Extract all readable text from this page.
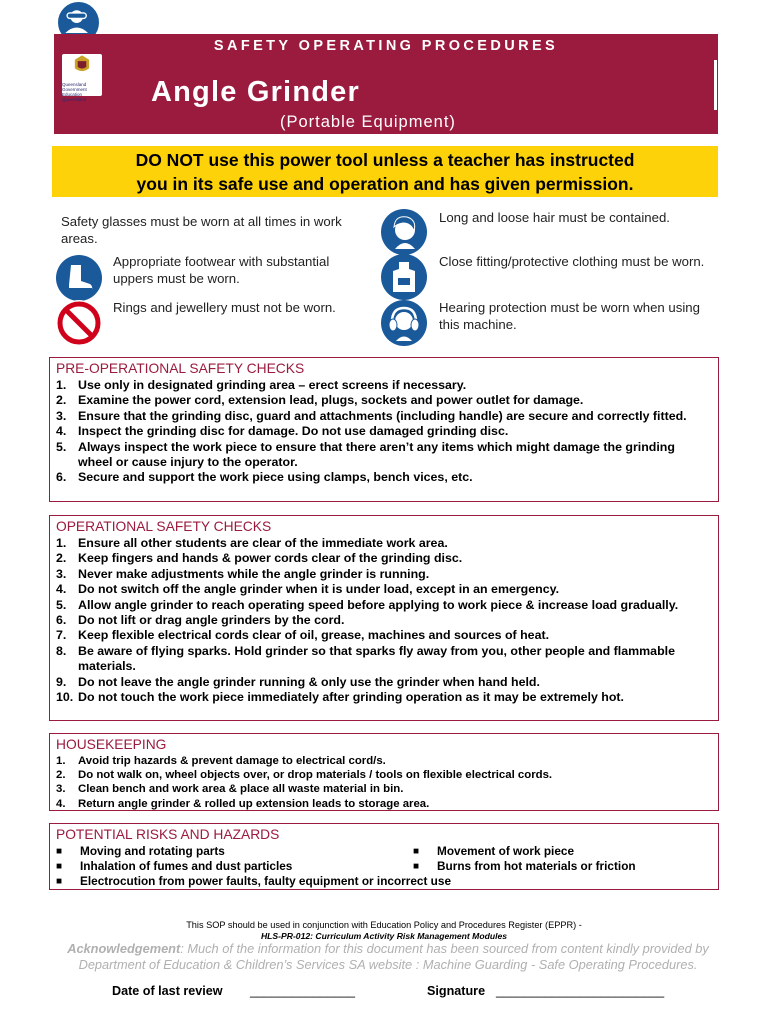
SAFETY OPERATING PROCEDURES
Queensland Government Education Queensland	Angle Grinder
(Portable Equipment)
DO NOT use this power tool unless a teacher has instructed
you in its safe use and operation and has given permission.
Safety glasses must be worn at all times in work areas.
Appropriate footwear with substantial uppers must be worn.
Rings and jewellery must not be worn.
Long and loose hair must be contained.
Close fitting/protective clothing must be worn.
Hearing protection must be worn when using this machine.
PRE-OPERATIONAL SAFETY CHECKS
1. Use only in designated grinding area – erect screens if necessary.
2. Examine the power cord, extension lead, plugs, sockets and power outlet for damage.
3. Ensure that the grinding disc, guard and attachments (including handle) are secure and correctly fitted.
4. Inspect the grinding disc for damage. Do not use damaged grinding disc.
5. Always inspect the work piece to ensure that there aren’t any items which might damage the grinding wheel or cause injury to the operator.
6. Secure and support the work piece using clamps, bench vices, etc.
OPERATIONAL SAFETY CHECKS
1. Ensure all other students are clear of the immediate work area.
2. Keep fingers and hands & power cords clear of the grinding disc.
3. Never make adjustments while the angle grinder is running.
4. Do not switch off the angle grinder when it is under load, except in an emergency.
5. Allow angle grinder to reach operating speed before applying to work piece & increase load gradually.
6. Do not lift or drag angle grinders by the cord.
7. Keep flexible electrical cords clear of oil, grease, machines and sources of heat.
8. Be aware of flying sparks. Hold grinder so that sparks fly away from you, other people and flammable materials.
9. Do not leave the angle grinder running & only use the grinder when hand held.
10. Do not touch the work piece immediately after grinding operation as it may be extremely hot.
HOUSEKEEPING
1.	Avoid trip hazards & prevent damage to electrical cord/s.
2.	Do not walk on, wheel objects over, or drop materials / tools on flexible electrical cords.
3.	Clean bench and work area & place all waste material in bin.
4.	Return angle grinder & rolled up extension leads to storage area.
POTENTIAL RISKS AND HAZARDS
■	Moving and rotating parts	■	Movement of work piece
■	Inhalation of fumes and dust particles	■	Burns from hot materials or friction
■	Electrocution from power faults, faulty equipment or incorrect use
This SOP should be used in conjunction with Education Policy and Procedures Register (EPPR) -
HLS-PR-012: Curriculum Activity Risk Management Modules
Acknowledgement: Much of the information for this document has been sourced from content kindly provided by Department of Education & Children’s Services SA website : Machine Guarding - Safe Operating Procedures.
Date of last review _______________	Signature ________________________
